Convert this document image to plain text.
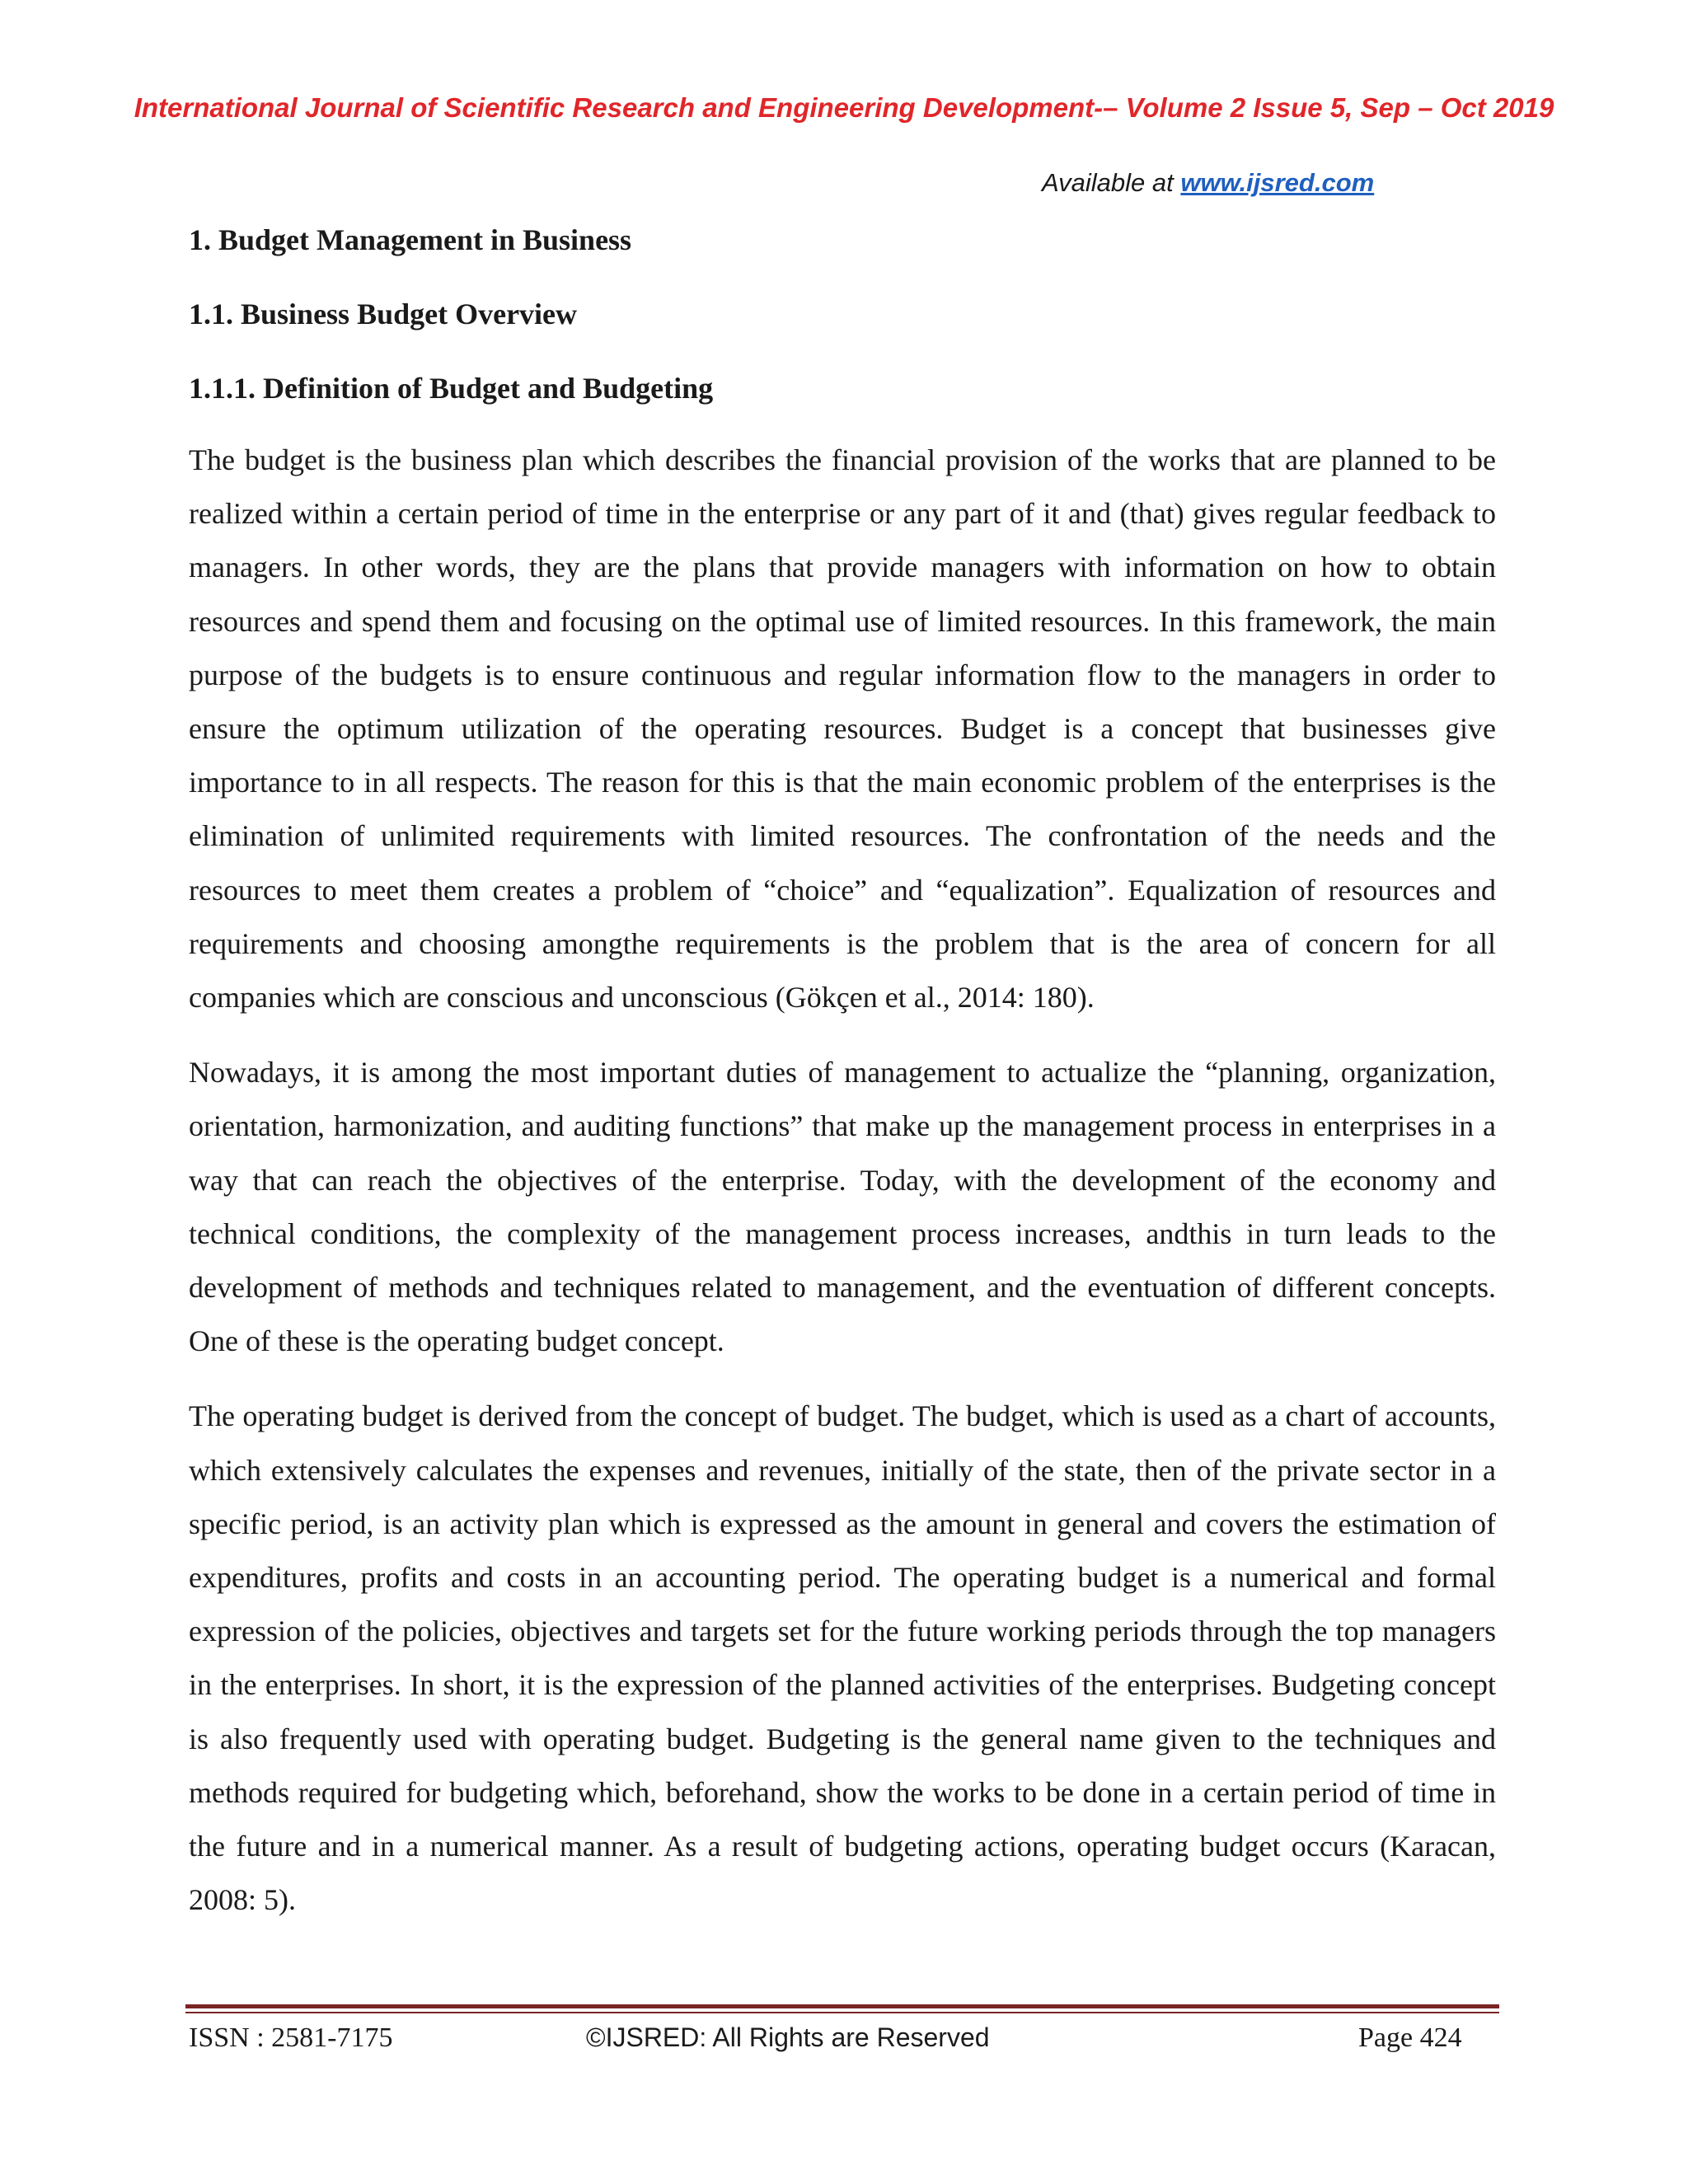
International Journal of Scientific Research and Engineering Development-– Volume 2 Issue 5, Sep – Oct 2019
Available at www.ijsred.com
1. Budget Management in Business
1.1. Business Budget Overview
1.1.1. Definition of Budget and Budgeting

The budget is the business plan which describes the financial provision of the works that are planned to be realized within a certain period of time in the enterprise or any part of it and (that) gives regular feedback to managers. In other words, they are the plans that provide managers with information on how to obtain resources and spend them and focusing on the optimal use of limited resources. In this framework, the main purpose of the budgets is to ensure continuous and regular information flow to the managers in order to ensure the optimum utilization of the operating resources. Budget is a concept that businesses give importance to in all respects. The reason for this is that the main economic problem of the enterprises is the elimination of unlimited requirements with limited resources. The confrontation of the needs and the resources to meet them creates a problem of “choice” and “equalization”. Equalization of resources and requirements and choosing amongthe requirements is the problem that is the area of concern for all companies which are conscious and unconscious (Gökçen et al., 2014: 180).

Nowadays, it is among the most important duties of management to actualize the “planning, organization, orientation, harmonization, and auditing functions” that make up the management process in enterprises in a way that can reach the objectives of the enterprise. Today, with the development of the economy and technical conditions, the complexity of the management process increases, andthis in turn leads to the development of methods and techniques related to management, and the eventuation of different concepts. One of these is the operating budget concept.

The operating budget is derived from the concept of budget. The budget, which is used as a chart of accounts, which extensively calculates the expenses and revenues, initially of the state, then of the private sector in a specific period, is an activity plan which is expressed as the amount in general and covers the estimation of expenditures, profits and costs in an accounting period. The operating budget is a numerical and formal expression of the policies, objectives and targets set for the future working periods through the top managers in the enterprises. In short, it is the expression of the planned activities of the enterprises. Budgeting concept is also frequently used with operating budget. Budgeting is the general name given to the techniques and methods required for budgeting which, beforehand, show the works to be done in a certain period of time in the future and in a numerical manner. As a result of budgeting actions, operating budget occurs (Karacan, 2008: 5).

ISSN : 2581-7175	©IJSRED: All Rights are Reserved	Page 424
